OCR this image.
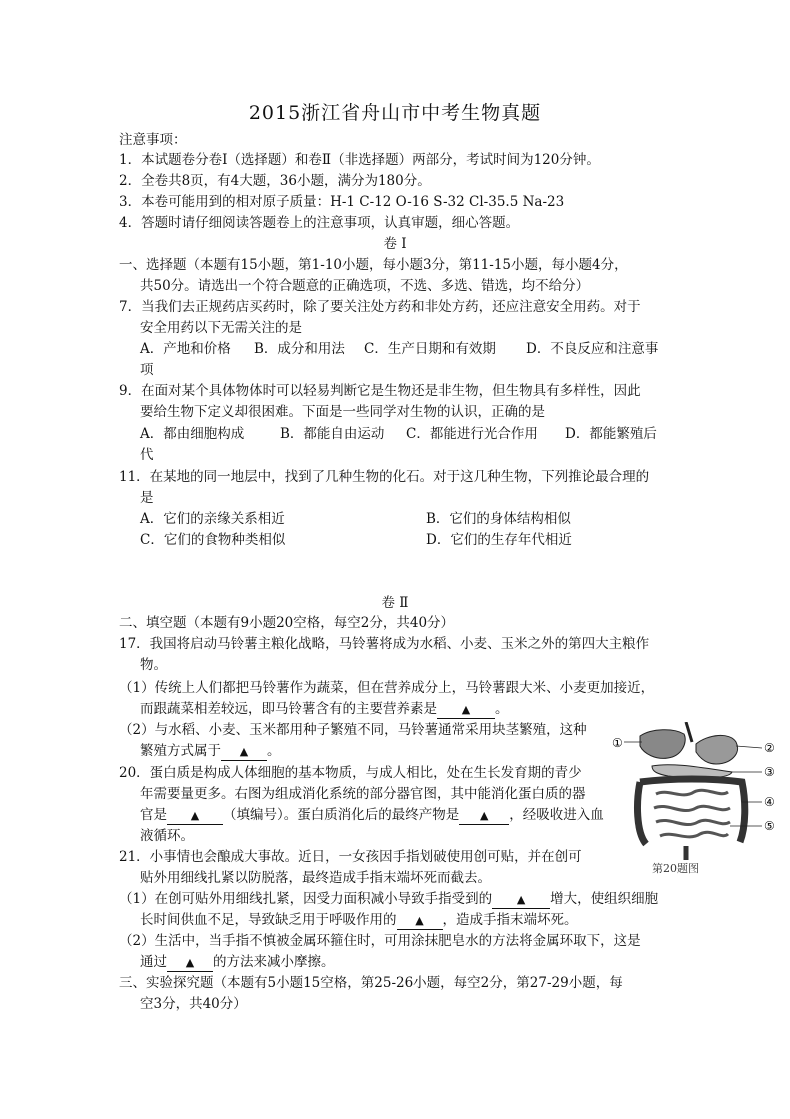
2015浙江省舟山市中考生物真题
注意事项：
1．本试题卷分卷Ⅰ（选择题）和卷Ⅱ（非选择题）两部分，考试时间为120分钟。
2．全卷共8页，有4大题，36小题，满分为180分。
3．本卷可能用到的相对原子质量：H-1 C-12 O-16 S-32 Cl-35.5 Na-23
4．答题时请仔细阅读答题卷上的注意事项，认真审题，细心答题。
卷 Ⅰ
一、选择题（本题有15小题，第1-10小题，每小题3分，第11-15小题，每小题4分，
共50分。请选出一个符合题意的正确选项，不选、多选、错选，均不给分）
7．当我们去正规药店买药时，除了要关注处方药和非处方药，还应注意安全用药。对于
安全用药以下无需关注的是
A．产地和价格 B．成分和用法 C．生产日期和有效期 D．不良反应和注意事
项
9．在面对某个具体物体时可以轻易判断它是生物还是非生物，但生物具有多样性，因此
要给生物下定义却很困难。下面是一些同学对生物的认识，正确的是
A．都由细胞构成	B．都能自由运动 C．都能进行光合作用 D．都能繁殖后
代
11．在某地的同一地层中，找到了几种生物的化石。对于这几种生物，下列推论最合理的
是
A．它们的亲缘关系相近	B．它们的身体结构相似
C．它们的食物种类相似	D．它们的生存年代相近
卷 Ⅱ
二、填空题（本题有9小题20空格，每空2分，共40分）
17．我国将启动马铃薯主粮化战略，马铃薯将成为水稻、小麦、玉米之外的第四大主粮作
物。
（1）传统上人们都把马铃薯作为蔬菜，但在营养成分上，马铃薯跟大米、小麦更加接近，
而跟蔬菜相差较远，即马铃薯含有的主要营养素是 ▲ 。
（2）与水稻、小麦、玉米都用种子繁殖不同，马铃薯通常采用块茎繁殖，这种
繁殖方式属于 ▲ 。
20．蛋白质是构成人体细胞的基本物质，与成人相比，处在生长发育期的青少
年需要量更多。右图为组成消化系统的部分器官图，其中能消化蛋白质的器
官是 ▲ （填编号）。蛋白质消化后的最终产物是 ▲ ，经吸收进入血
液循环。
①	②
③
④
⑤
第20题图
21．小事情也会酿成大事故。近日，一女孩因手指划破使用创可贴，并在创可
贴外用细线扎紧以防脱落，最终造成手指末端坏死而截去。
（1）在创可贴外用细线扎紧，因受力面积减小导致手指受到的 ▲ 增大，使组织细胞
长时间供血不足，导致缺乏用于呼吸作用的 ▲ ，造成手指末端坏死。
（2）生活中，当手指不慎被金属环箍住时，可用涂抹肥皂水的方法将金属环取下，这是
通过 ▲ 的方法来减小摩擦。
三、实验探究题（本题有5小题15空格，第25-26小题，每空2分，第27-29小题，每
空3分，共40分）
